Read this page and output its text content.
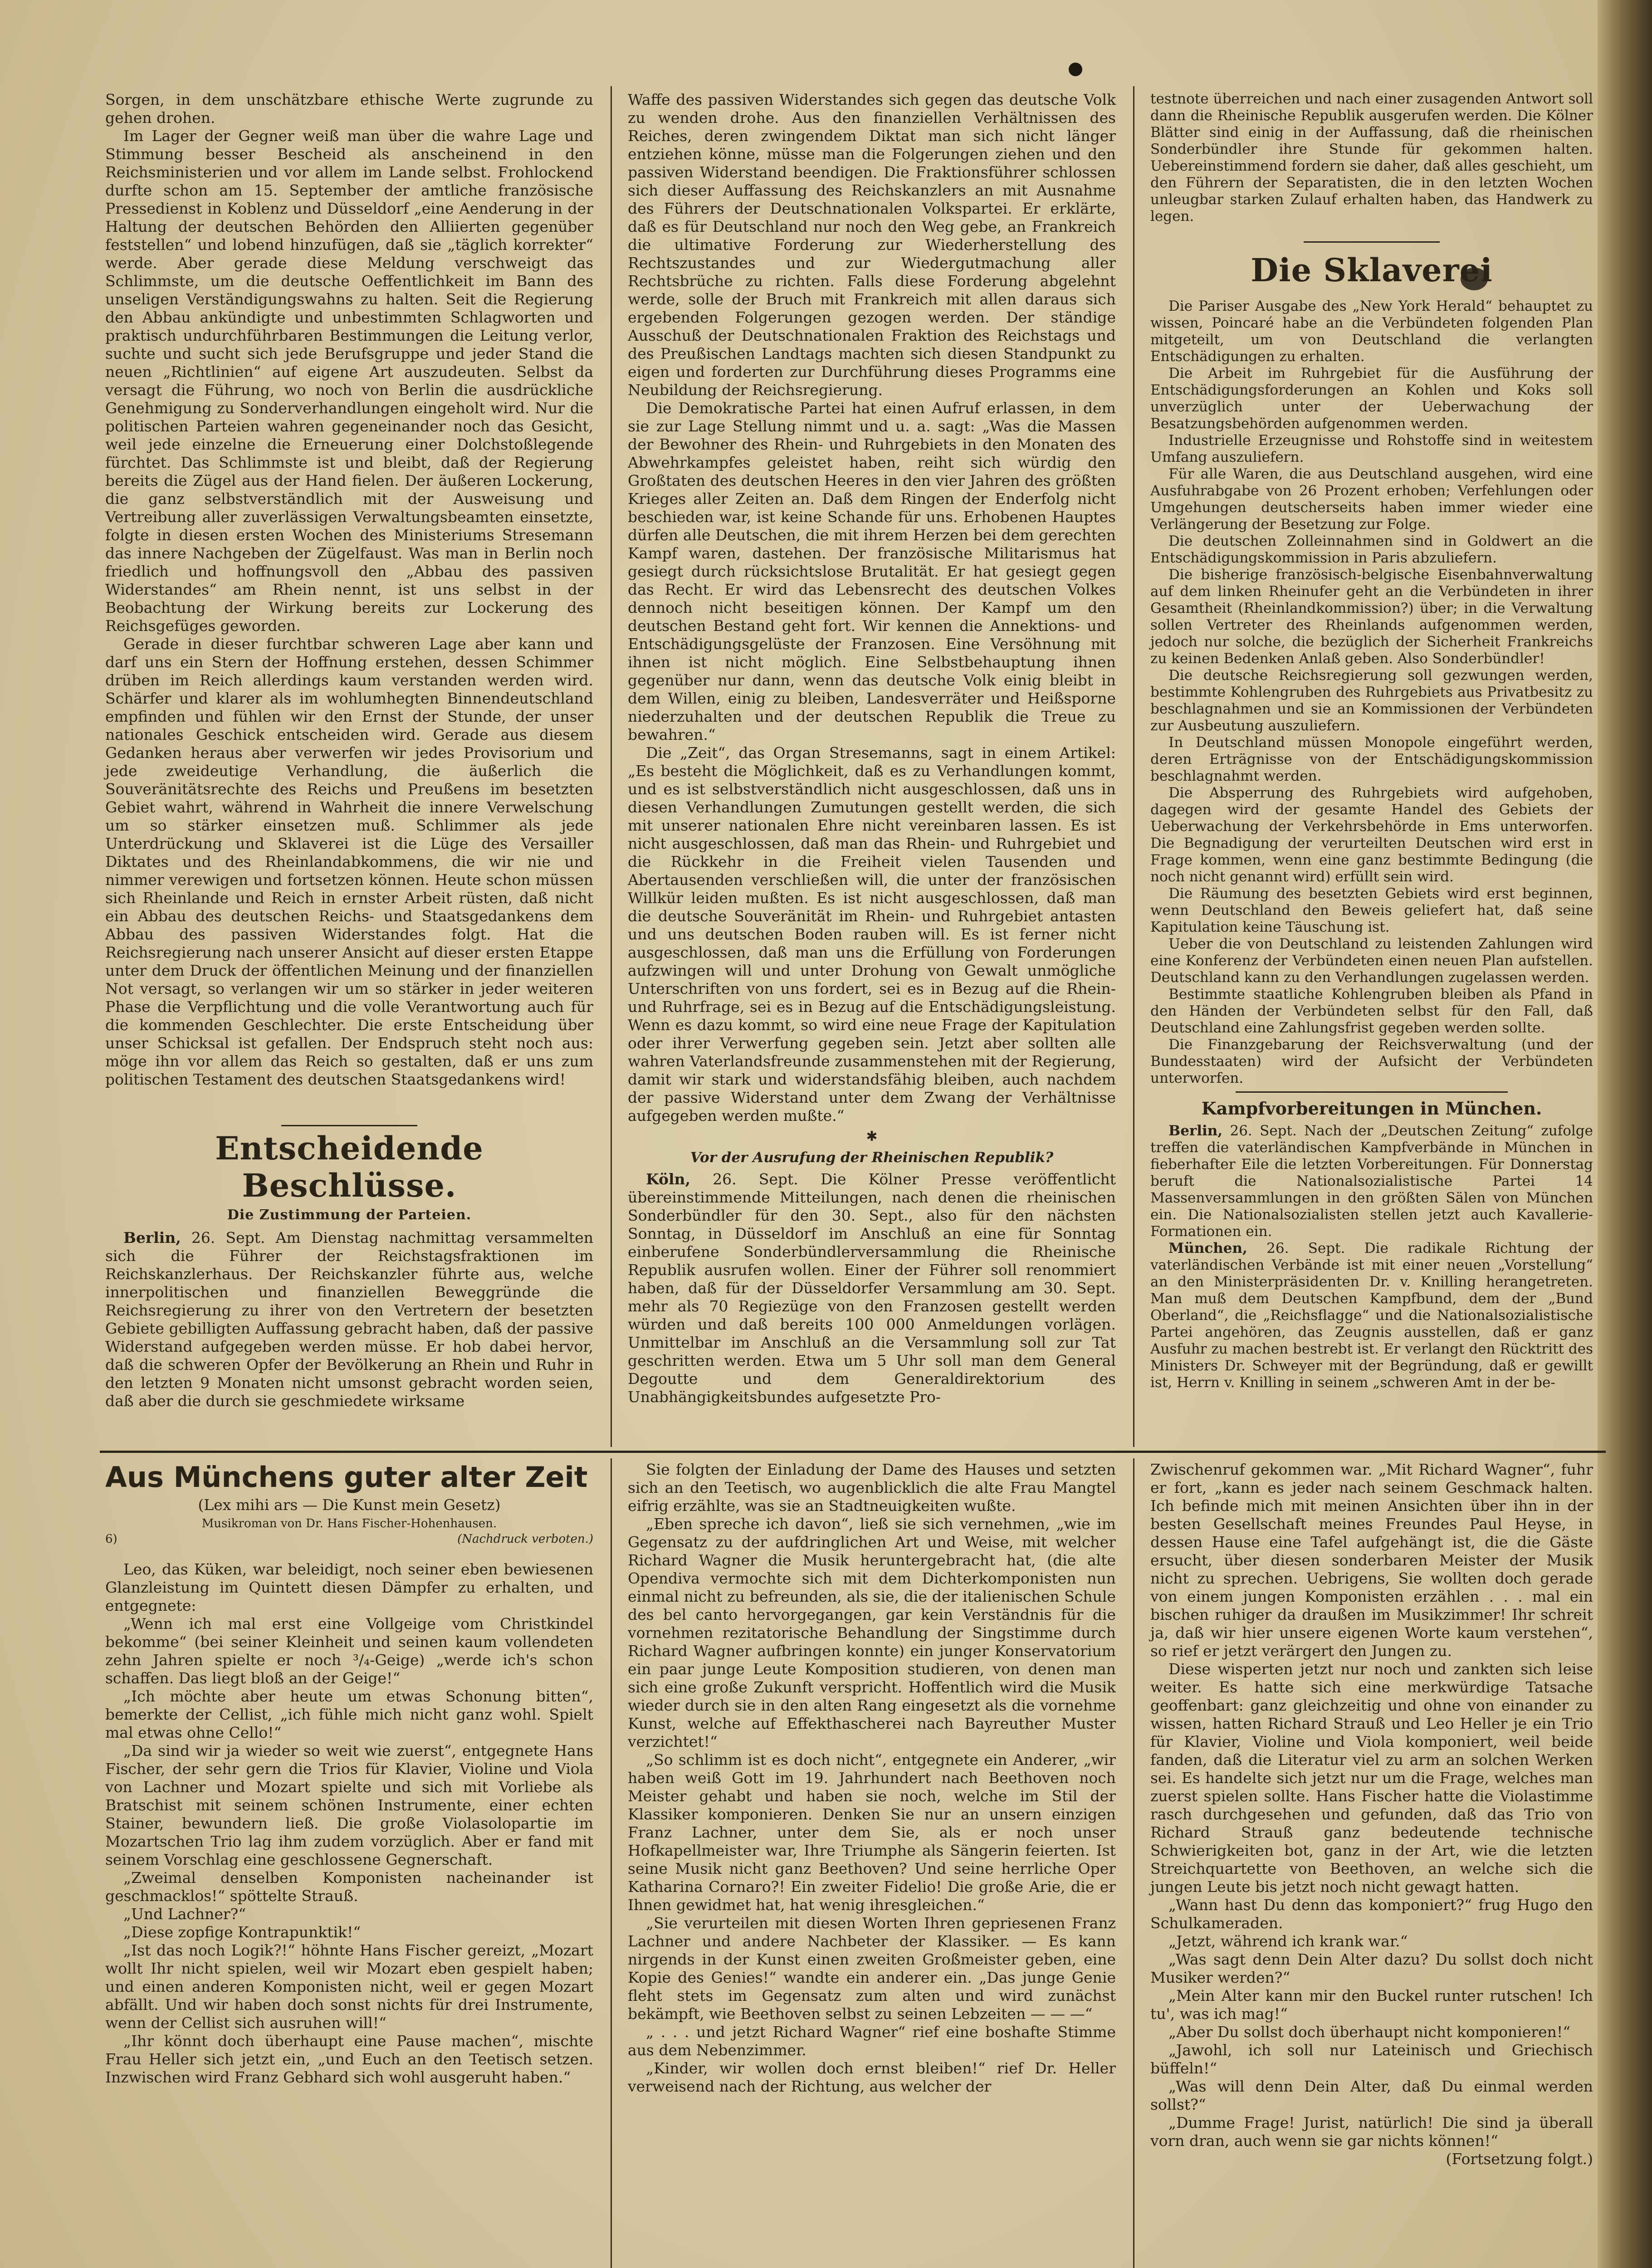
Sorgen, in dem unschätzbare ethische Werte zugrunde zu gehen drohen.

Im Lager der Gegner weiß man über die wahre Lage und Stimmung besser Bescheid als anscheinend in den Reichsministerien und vor allem im Lande selbst. Frohlockend durfte schon am 15. September der amtliche französische Pressedienst in Koblenz und Düsseldorf „eine Aenderung in der Haltung der deutschen Behörden den Alliierten gegenüber feststellen“ und lobend hinzufügen, daß sie „täglich korrekter“ werde. Aber gerade diese Meldung verschweigt das Schlimmste, um die deutsche Oeffentlichkeit im Bann des unseligen Verständigungswahns zu halten. Seit die Regierung den Abbau ankündigte und unbestimmten Schlagworten und praktisch undurchführbaren Bestimmungen die Leitung verlor, suchte und sucht sich jede Berufsgruppe und jeder Stand die neuen „Richtlinien“ auf eigene Art auszudeuten. Selbst da versagt die Führung, wo noch von Berlin die ausdrückliche Genehmigung zu Sonderverhandlungen eingeholt wird. Nur die politischen Parteien wahren gegeneinander noch das Gesicht, weil jede einzelne die Erneuerung einer Dolchstoßlegende fürchtet. Das Schlimmste ist und bleibt, daß der Regierung bereits die Zügel aus der Hand fielen. Der äußeren Lockerung, die ganz selbstverständlich mit der Ausweisung und Vertreibung aller zuverlässigen Verwaltungsbeamten einsetzte, folgte in diesen ersten Wochen des Ministeriums Stresemann das innere Nachgeben der Zügelfaust. Was man in Berlin noch friedlich und hoffnungsvoll den „Abbau des passiven Widerstandes“ am Rhein nennt, ist uns selbst in der Beobachtung der Wirkung bereits zur Lockerung des Reichsgefüges geworden.

Gerade in dieser furchtbar schweren Lage aber kann und darf uns ein Stern der Hoffnung erstehen, dessen Schimmer drüben im Reich allerdings kaum verstanden werden wird. Schärfer und klarer als im wohlumhegten Binnendeutschland empfinden und fühlen wir den Ernst der Stunde, der unser nationales Geschick entscheiden wird. Gerade aus diesem Gedanken heraus aber verwerfen wir jedes Provisorium und jede zweideutige Verhandlung, die äußerlich die Souveränitätsrechte des Reichs und Preußens im besetzten Gebiet wahrt, während in Wahrheit die innere Verwelschung um so stärker einsetzen muß. Schlimmer als jede Unterdrückung und Sklaverei ist die Lüge des Versailler Diktates und des Rheinlandabkommens, die wir nie und nimmer verewigen und fortsetzen können. Heute schon müssen sich Rheinlande und Reich in ernster Arbeit rüsten, daß nicht ein Abbau des deutschen Reichs- und Staatsgedankens dem Abbau des passiven Widerstandes folgt. Hat die Reichsregierung nach unserer Ansicht auf dieser ersten Etappe unter dem Druck der öffentlichen Meinung und der finanziellen Not versagt, so verlangen wir um so stärker in jeder weiteren Phase die Verpflichtung und die volle Verantwortung auch für die kommenden Geschlechter. Die erste Entscheidung über unser Schicksal ist gefallen. Der Endspruch steht noch aus: möge ihn vor allem das Reich so gestalten, daß er uns zum politischen Testament des deutschen Staatsgedankens wird!

Entscheidende Beschlüsse.
Die Zustimmung der Parteien.

Berlin, 26. Sept. Am Dienstag nachmittag versammelten sich die Führer der Reichstagsfraktionen im Reichskanzlerhaus. Der Reichskanzler führte aus, welche innerpolitischen und finanziellen Beweggründe die Reichsregierung zu ihrer von den Vertretern der besetzten Gebiete gebilligten Auffassung gebracht haben, daß der passive Widerstand aufgegeben werden müsse. Er hob dabei hervor, daß die schweren Opfer der Bevölkerung an Rhein und Ruhr in den letzten 9 Monaten nicht umsonst gebracht worden seien, daß aber die durch sie geschmiedete wirksame

Waffe des passiven Widerstandes sich gegen das deutsche Volk zu wenden drohe. Aus den finanziellen Verhältnissen des Reiches, deren zwingendem Diktat man sich nicht länger entziehen könne, müsse man die Folgerungen ziehen und den passiven Widerstand beendigen. Die Fraktionsführer schlossen sich dieser Auffassung des Reichskanzlers an mit Ausnahme des Führers der Deutschnationalen Volkspartei. Er erklärte, daß es für Deutschland nur noch den Weg gebe, an Frankreich die ultimative Forderung zur Wiederherstellung des Rechtszustandes und zur Wiedergutmachung aller Rechtsbrüche zu richten. Falls diese Forderung abgelehnt werde, solle der Bruch mit Frankreich mit allen daraus sich ergebenden Folgerungen gezogen werden. Der ständige Ausschuß der Deutschnationalen Fraktion des Reichstags und des Preußischen Landtags machten sich diesen Standpunkt zu eigen und forderten zur Durchführung dieses Programms eine Neubildung der Reichsregierung.

Die Demokratische Partei hat einen Aufruf erlassen, in dem sie zur Lage Stellung nimmt und u. a. sagt: „Was die Massen der Bewohner des Rhein- und Ruhrgebiets in den Monaten des Abwehrkampfes geleistet haben, reiht sich würdig den Großtaten des deutschen Heeres in den vier Jahren des größten Krieges aller Zeiten an. Daß dem Ringen der Enderfolg nicht beschieden war, ist keine Schande für uns. Erhobenen Hauptes dürfen alle Deutschen, die mit ihrem Herzen bei dem gerechten Kampf waren, dastehen. Der französische Militarismus hat gesiegt durch rücksichtslose Brutalität. Er hat gesiegt gegen das Recht. Er wird das Lebensrecht des deutschen Volkes dennoch nicht beseitigen können. Der Kampf um den deutschen Bestand geht fort. Wir kennen die Annektions- und Entschädigungsgelüste der Franzosen. Eine Versöhnung mit ihnen ist nicht möglich. Eine Selbstbehauptung ihnen gegenüber nur dann, wenn das deutsche Volk einig bleibt in dem Willen, einig zu bleiben, Landesverräter und Heißsporne niederzuhalten und der deutschen Republik die Treue zu bewahren.“

Die „Zeit“, das Organ Stresemanns, sagt in einem Artikel: „Es besteht die Möglichkeit, daß es zu Verhandlungen kommt, und es ist selbstverständlich nicht ausgeschlossen, daß uns in diesen Verhandlungen Zumutungen gestellt werden, die sich mit unserer nationalen Ehre nicht vereinbaren lassen. Es ist nicht ausgeschlossen, daß man das Rhein- und Ruhrgebiet und die Rückkehr in die Freiheit vielen Tausenden und Abertausenden verschließen will, die unter der französischen Willkür leiden mußten. Es ist nicht ausgeschlossen, daß man die deutsche Souveränität im Rhein- und Ruhrgebiet antasten und uns deutschen Boden rauben will. Es ist ferner nicht ausgeschlossen, daß man uns die Erfüllung von Forderungen aufzwingen will und unter Drohung von Gewalt unmögliche Unterschriften von uns fordert, sei es in Bezug auf die Rhein- und Ruhrfrage, sei es in Bezug auf die Entschädigungsleistung. Wenn es dazu kommt, so wird eine neue Frage der Kapitulation oder ihrer Verwerfung gegeben sein. Jetzt aber sollten alle wahren Vaterlandsfreunde zusammenstehen mit der Regierung, damit wir stark und widerstandsfähig bleiben, auch nachdem der passive Widerstand unter dem Zwang der Verhältnisse aufgegeben werden mußte.“

✱
Vor der Ausrufung der Rheinischen Republik?

Köln, 26. Sept. Die Kölner Presse veröffentlicht übereinstimmende Mitteilungen, nach denen die rheinischen Sonderbündler für den 30. Sept., also für den nächsten Sonntag, in Düsseldorf im Anschluß an eine für Sonntag einberufene Sonderbündlerversammlung die Rheinische Republik ausrufen wollen. Einer der Führer soll renommiert haben, daß für der Düsseldorfer Versammlung am 30. Sept. mehr als 70 Regiezüge von den Franzosen gestellt werden würden und daß bereits 100 000 Anmeldungen vorlägen. Unmittelbar im Anschluß an die Versammlung soll zur Tat geschritten werden. Etwa um 5 Uhr soll man dem General Degoutte und dem Generaldirektorium des Unabhängigkeitsbundes aufgesetzte Pro-

testnote überreichen und nach einer zusagenden Antwort soll dann die Rheinische Republik ausgerufen werden. Die Kölner Blätter sind einig in der Auffassung, daß die rheinischen Sonderbündler ihre Stunde für gekommen halten. Uebereinstimmend fordern sie daher, daß alles geschieht, um den Führern der Separatisten, die in den letzten Wochen unleugbar starken Zulauf erhalten haben, das Handwerk zu legen.

Die Sklaverei

Die Pariser Ausgabe des „New York Herald“ behauptet zu wissen, Poincaré habe an die Verbündeten folgenden Plan mitgeteilt, um von Deutschland die verlangten Entschädigungen zu erhalten.

Die Arbeit im Ruhrgebiet für die Ausführung der Entschädigungsforderungen an Kohlen und Koks soll unverzüglich unter der Ueberwachung der Besatzungsbehörden aufgenommen werden.

Industrielle Erzeugnisse und Rohstoffe sind in weitestem Umfang auszuliefern.

Für alle Waren, die aus Deutschland ausgehen, wird eine Ausfuhrabgabe von 26 Prozent erhoben; Verfehlungen oder Umgehungen deutscherseits haben immer wieder eine Verlängerung der Besetzung zur Folge.

Die deutschen Zolleinnahmen sind in Goldwert an die Entschädigungskommission in Paris abzuliefern.

Die bisherige französisch-belgische Eisenbahnverwaltung auf dem linken Rheinufer geht an die Verbündeten in ihrer Gesamtheit (Rheinlandkommission?) über; in die Verwaltung sollen Vertreter des Rheinlands aufgenommen werden, jedoch nur solche, die bezüglich der Sicherheit Frankreichs zu keinen Bedenken Anlaß geben. Also Sonderbündler!

Die deutsche Reichsregierung soll gezwungen werden, bestimmte Kohlengruben des Ruhrgebiets aus Privatbesitz zu beschlagnahmen und sie an Kommissionen der Verbündeten zur Ausbeutung auszuliefern.

In Deutschland müssen Monopole eingeführt werden, deren Erträgnisse von der Entschädigungskommission beschlagnahmt werden.

Die Absperrung des Ruhrgebiets wird aufgehoben, dagegen wird der gesamte Handel des Gebiets der Ueberwachung der Verkehrsbehörde in Ems unterworfen. Die Begnadigung der verurteilten Deutschen wird erst in Frage kommen, wenn eine ganz bestimmte Bedingung (die noch nicht genannt wird) erfüllt sein wird.

Die Räumung des besetzten Gebiets wird erst beginnen, wenn Deutschland den Beweis geliefert hat, daß seine Kapitulation keine Täuschung ist.

Ueber die von Deutschland zu leistenden Zahlungen wird eine Konferenz der Verbündeten einen neuen Plan aufstellen. Deutschland kann zu den Verhandlungen zugelassen werden.

Bestimmte staatliche Kohlengruben bleiben als Pfand in den Händen der Verbündeten selbst für den Fall, daß Deutschland eine Zahlungsfrist gegeben werden sollte.

Die Finanzgebarung der Reichsverwaltung (und der Bundesstaaten) wird der Aufsicht der Verbündeten unterworfen.

Kampfvorbereitungen in München.

Berlin, 26. Sept. Nach der „Deutschen Zeitung“ zufolge treffen die vaterländischen Kampfverbände in München in fieberhafter Eile die letzten Vorbereitungen. Für Donnerstag beruft die Nationalsozialistische Partei 14 Massenversammlungen in den größten Sälen von München ein. Die Nationalsozialisten stellen jetzt auch Kavallerie-Formationen ein.

München, 26. Sept. Die radikale Richtung der vaterländischen Verbände ist mit einer neuen „Vorstellung“ an den Ministerpräsidenten Dr. v. Knilling herangetreten. Man muß dem Deutschen Kampfbund, dem der „Bund Oberland“, die „Reichsflagge“ und die Nationalsozialistische Partei angehören, das Zeugnis ausstellen, daß er ganz Ausfuhr zu machen bestrebt ist. Er verlangt den Rücktritt des Ministers Dr. Schweyer mit der Begründung, daß er gewillt ist, Herrn v. Knilling in seinem „schweren Amt in der be-

Aus Münchens guter alter Zeit
(Lex mihi ars — Die Kunst mein Gesetz)
Musikroman von Dr. Hans Fischer-Hohenhausen.
6)	(Nachdruck verboten.)

Leo, das Küken, war beleidigt, noch seiner eben bewiesenen Glanzleistung im Quintett diesen Dämpfer zu erhalten, und entgegnete:

„Wenn ich mal erst eine Vollgeige vom Christkindel bekomme“ (bei seiner Kleinheit und seinen kaum vollendeten zehn Jahren spielte er noch ³/₄-Geige) „werde ich's schon schaffen. Das liegt bloß an der Geige!“

„Ich möchte aber heute um etwas Schonung bitten“, bemerkte der Cellist, „ich fühle mich nicht ganz wohl. Spielt mal etwas ohne Cello!“

„Da sind wir ja wieder so weit wie zuerst“, entgegnete Hans Fischer, der sehr gern die Trios für Klavier, Violine und Viola von Lachner und Mozart spielte und sich mit Vorliebe als Bratschist mit seinem schönen Instrumente, einer echten Stainer, bewundern ließ. Die große Violasolopartie im Mozartschen Trio lag ihm zudem vorzüglich. Aber er fand mit seinem Vorschlag eine geschlossene Gegnerschaft.

„Zweimal denselben Komponisten nacheinander ist geschmacklos!“ spöttelte Strauß.

„Und Lachner?“

„Diese zopfige Kontrapunktik!“

„Ist das noch Logik?!“ höhnte Hans Fischer gereizt, „Mozart wollt Ihr nicht spielen, weil wir Mozart eben gespielt haben; und einen anderen Komponisten nicht, weil er gegen Mozart abfällt. Und wir haben doch sonst nichts für drei Instrumente, wenn der Cellist sich ausruhen will!“

„Ihr könnt doch überhaupt eine Pause machen“, mischte Frau Heller sich jetzt ein, „und Euch an den Teetisch setzen. Inzwischen wird Franz Gebhard sich wohl ausgeruht haben.“

Sie folgten der Einladung der Dame des Hauses und setzten sich an den Teetisch, wo augenblicklich die alte Frau Mangtel eifrig erzählte, was sie an Stadtneuigkeiten wußte.

„Eben spreche ich davon“, ließ sie sich vernehmen, „wie im Gegensatz zu der aufdringlichen Art und Weise, mit welcher Richard Wagner die Musik heruntergebracht hat, (die alte Opendiva vermochte sich mit dem Dichterkomponisten nun einmal nicht zu befreunden, als sie, die der italienischen Schule des bel canto hervorgegangen, gar kein Verständnis für die vornehmen rezitatorische Behandlung der Singstimme durch Richard Wagner aufbringen konnte) ein junger Konservatorium ein paar junge Leute Komposition studieren, von denen man sich eine große Zukunft verspricht. Hoffentlich wird die Musik wieder durch sie in den alten Rang eingesetzt als die vornehme Kunst, welche auf Effekthascherei nach Bayreuther Muster verzichtet!“

„So schlimm ist es doch nicht“, entgegnete ein Anderer, „wir haben weiß Gott im 19. Jahrhundert nach Beethoven noch Meister gehabt und haben sie noch, welche im Stil der Klassiker komponieren. Denken Sie nur an unsern einzigen Franz Lachner, unter dem Sie, als er noch unser Hofkapellmeister war, Ihre Triumphe als Sängerin feierten. Ist seine Musik nicht ganz Beethoven? Und seine herrliche Oper Katharina Cornaro?! Ein zweiter Fidelio! Die große Arie, die er Ihnen gewidmet hat, hat wenig ihresgleichen.“

„Sie verurteilen mit diesen Worten Ihren gepriesenen Franz Lachner und andere Nachbeter der Klassiker. — Es kann nirgends in der Kunst einen zweiten Großmeister geben, eine Kopie des Genies!“ wandte ein anderer ein. „Das junge Genie fleht stets im Gegensatz zum alten und wird zunächst bekämpft, wie Beethoven selbst zu seinen Lebzeiten — — —“

„ . . . und jetzt Richard Wagner“ rief eine boshafte Stimme aus dem Nebenzimmer.

„Kinder, wir wollen doch ernst bleiben!“ rief Dr. Heller verweisend nach der Richtung, aus welcher der

Zwischenruf gekommen war. „Mit Richard Wagner“, fuhr er fort, „kann es jeder nach seinem Geschmack halten. Ich befinde mich mit meinen Ansichten über ihn in der besten Gesellschaft meines Freundes Paul Heyse, in dessen Hause eine Tafel aufgehängt ist, die die Gäste ersucht, über diesen sonderbaren Meister der Musik nicht zu sprechen. Uebrigens, Sie wollten doch gerade von einem jungen Komponisten erzählen . . . mal ein bischen ruhiger da draußen im Musikzimmer! Ihr schreit ja, daß wir hier unsere eigenen Worte kaum verstehen“, so rief er jetzt verärgert den Jungen zu.

Diese wisperten jetzt nur noch und zankten sich leise weiter. Es hatte sich eine merkwürdige Tatsache geoffenbart: ganz gleichzeitig und ohne von einander zu wissen, hatten Richard Strauß und Leo Heller je ein Trio für Klavier, Violine und Viola komponiert, weil beide fanden, daß die Literatur viel zu arm an solchen Werken sei. Es handelte sich jetzt nur um die Frage, welches man zuerst spielen sollte. Hans Fischer hatte die Violastimme rasch durchgesehen und gefunden, daß das Trio von Richard Strauß ganz bedeutende technische Schwierigkeiten bot, ganz in der Art, wie die letzten Streichquartette von Beethoven, an welche sich die jungen Leute bis jetzt noch nicht gewagt hatten.

„Wann hast Du denn das komponiert?“ frug Hugo den Schulkameraden.

„Jetzt, während ich krank war.“

„Was sagt denn Dein Alter dazu? Du sollst doch nicht Musiker werden?“

„Mein Alter kann mir den Buckel runter rutschen! Ich tu', was ich mag!“

„Aber Du sollst doch überhaupt nicht komponieren!“

„Jawohl, ich soll nur Lateinisch und Griechisch büffeln!“

„Was will denn Dein Alter, daß Du einmal werden sollst?“

„Dumme Frage! Jurist, natürlich! Die sind ja überall vorn dran, auch wenn sie gar nichts können!“

(Fortsetzung folgt.)
